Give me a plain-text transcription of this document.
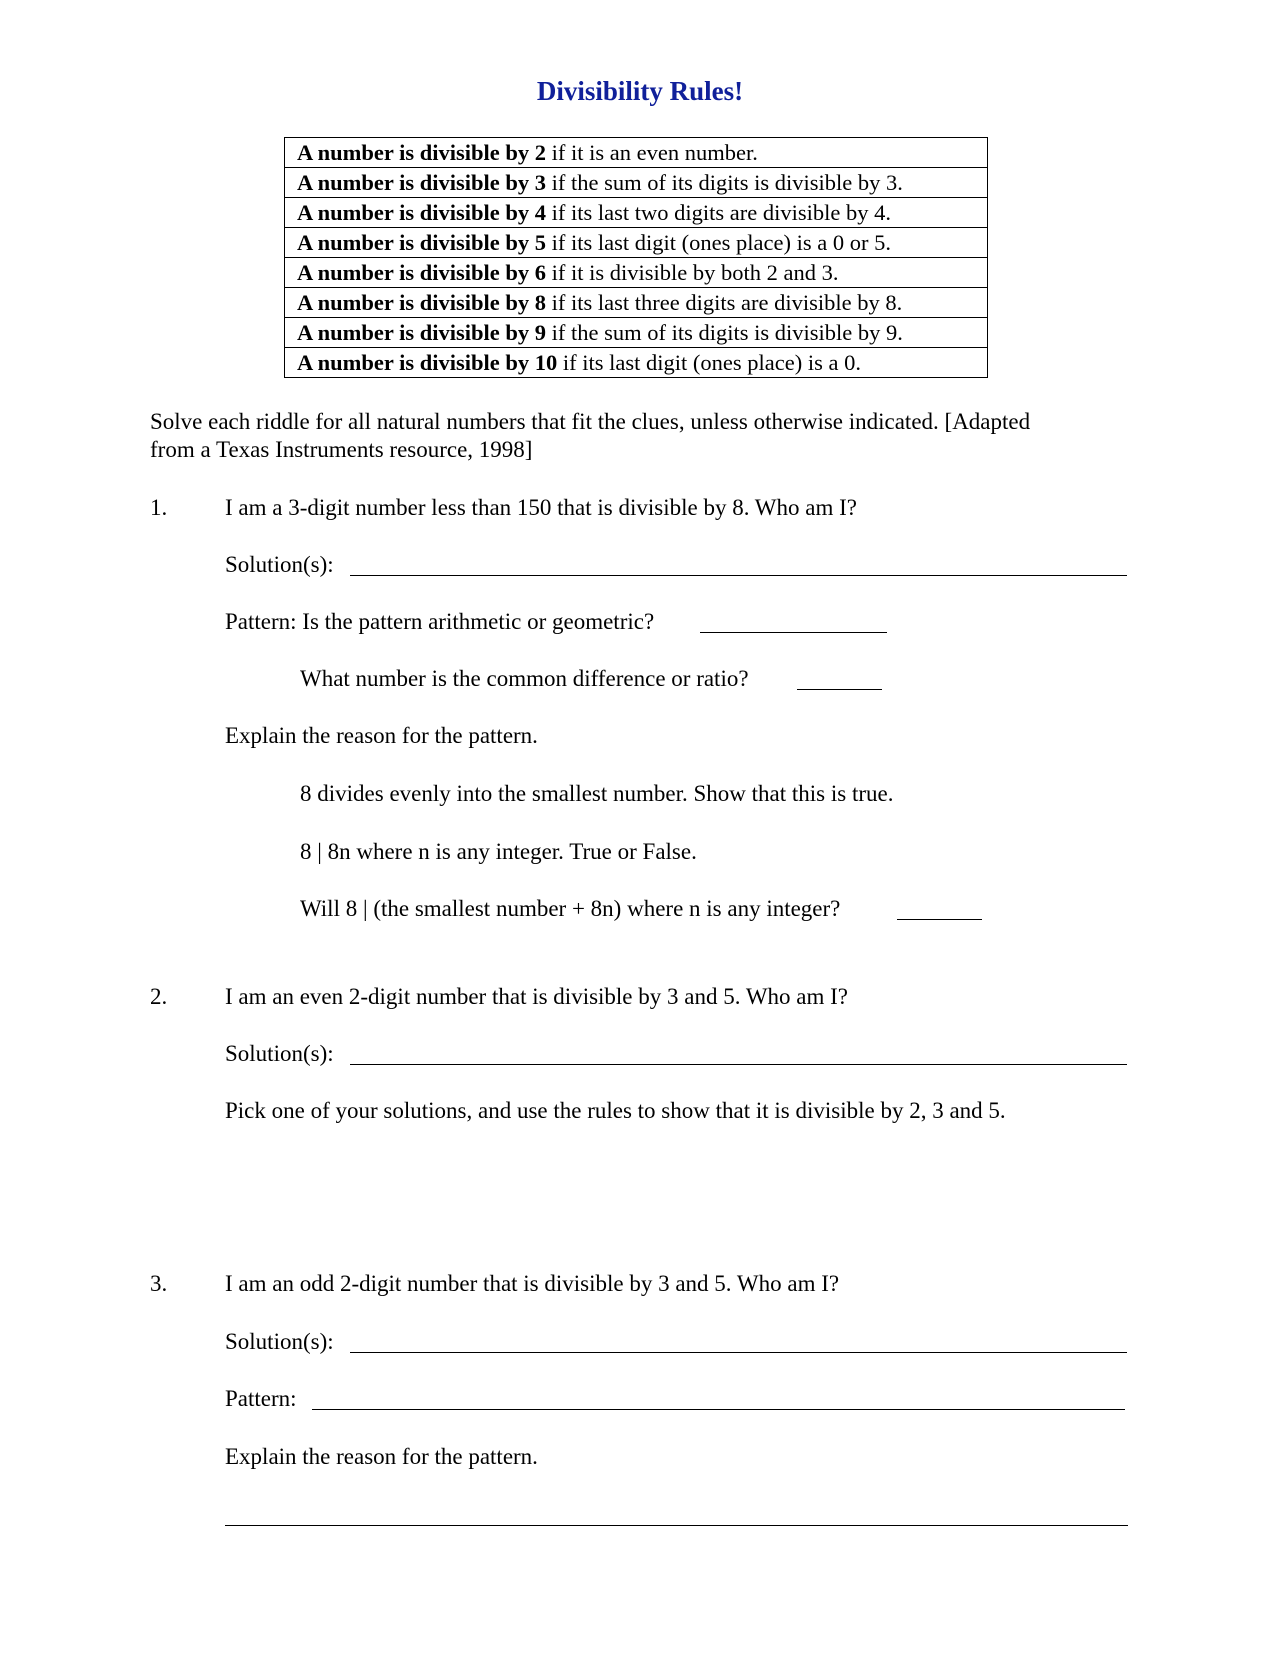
Divisibility Rules!
A number is divisible by 2 if it is an even number.
A number is divisible by 3 if the sum of its digits is divisible by 3.
A number is divisible by 4 if its last two digits are divisible by 4.
A number is divisible by 5 if its last digit (ones place) is a 0 or 5.
A number is divisible by 6 if it is divisible by both 2 and 3.
A number is divisible by 8 if its last three digits are divisible by 8.
A number is divisible by 9 if the sum of its digits is divisible by 9.
A number is divisible by 10 if its last digit (ones place) is a 0.
Solve each riddle for all natural numbers that fit the clues, unless otherwise indicated. [Adapted
from a Texas Instruments resource, 1998]
1.	I am a 3-digit number less than 150 that is divisible by 8. Who am I?
Solution(s):
Pattern: Is the pattern arithmetic or geometric?
What number is the common difference or ratio?
Explain the reason for the pattern.
8 divides evenly into the smallest number. Show that this is true.
8 | 8n where n is any integer. True or False.
Will 8 | (the smallest number + 8n) where n is any integer?
2.	I am an even 2-digit number that is divisible by 3 and 5. Who am I?
Solution(s):
Pick one of your solutions, and use the rules to show that it is divisible by 2, 3 and 5.
3.	I am an odd 2-digit number that is divisible by 3 and 5. Who am I?
Solution(s):
Pattern:
Explain the reason for the pattern.
